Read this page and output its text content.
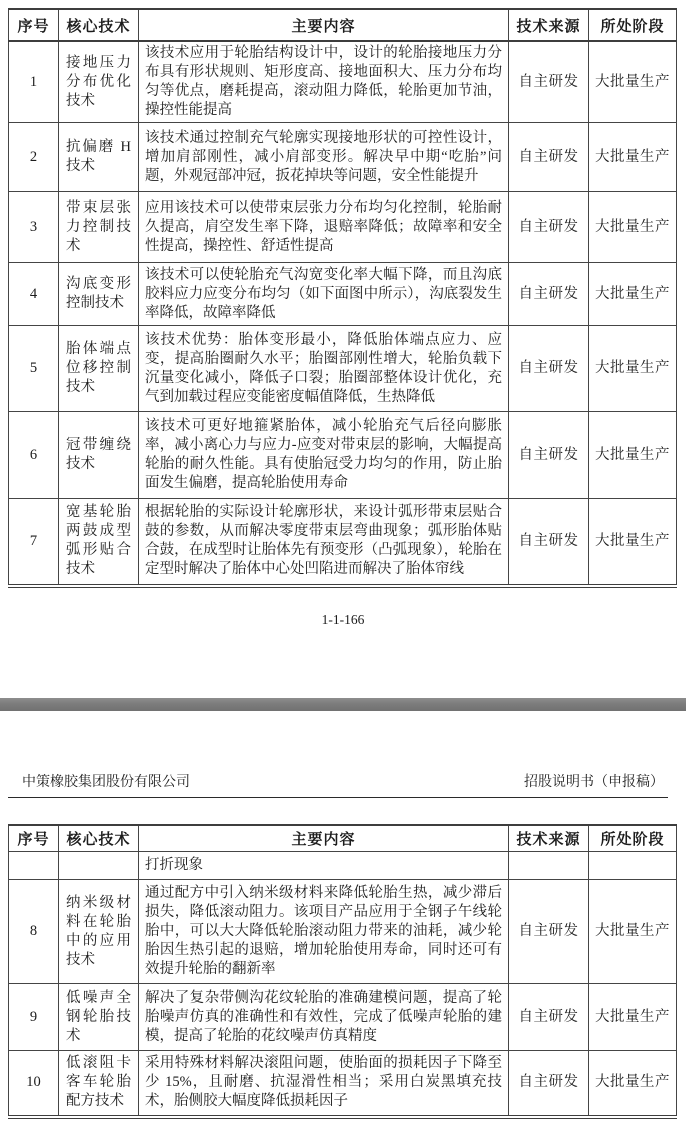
序号	核心技术	主要内容	技术来源	所处阶段
1	接地压力分布优化技术	该技术应用于轮胎结构设计中，设计的轮胎接地压力分布具有形状规则、矩形度高、接地面积大、压力分布均匀等优点，磨耗提高，滚动阻力降低，轮胎更加节油，操控性能提高	自主研发	大批量生产
2	抗偏磨 H 技术	该技术通过控制充气轮廓实现接地形状的可控性设计，增加肩部刚性，减小肩部变形。解决早中期“吃胎”问题，外观冠部冲冠，扳花掉块等问题，安全性能提升	自主研发	大批量生产
3	带束层张力控制技术	应用该技术可以使带束层张力分布均匀化控制，轮胎耐久提高，肩空发生率下降，退赔率降低；故障率和安全性提高，操控性、舒适性提高	自主研发	大批量生产
4	沟底变形控制技术	该技术可以使轮胎充气沟宽变化率大幅下降，而且沟底胶料应力应变分布均匀（如下面图中所示），沟底裂发生率降低，故障率降低	自主研发	大批量生产
5	胎体端点位移控制技术	该技术优势：胎体变形最小，降低胎体端点应力、应变，提高胎圈耐久水平；胎圈部刚性增大，轮胎负载下沉量变化减小，降低子口裂；胎圈部整体设计优化，充气到加载过程应变能密度幅值降低，生热降低	自主研发	大批量生产
6	冠带缠绕技术	该技术可更好地箍紧胎体，减小轮胎充气后径向膨胀率，减小离心力与应力-应变对带束层的影响，大幅提高轮胎的耐久性能。具有使胎冠受力均匀的作用，防止胎面发生偏磨，提高轮胎使用寿命	自主研发	大批量生产
7	宽基轮胎两鼓成型弧形贴合技术	根据轮胎的实际设计轮廓形状，来设计弧形带束层贴合鼓的参数，从而解决零度带束层弯曲现象；弧形胎体贴合鼓，在成型时让胎体先有预变形（凸弧现象），轮胎在定型时解决了胎体中心处凹陷进而解决了胎体帘线	自主研发	大批量生产
1-1-166
中策橡胶集团股份有限公司	招股说明书（申报稿）
序号	核心技术	主要内容	技术来源	所处阶段
		打折现象		
8	纳米级材料在轮胎中的应用技术	通过配方中引入纳米级材料来降低轮胎生热，减少滞后损失，降低滚动阻力。该项目产品应用于全钢子午线轮胎中，可以大大降低轮胎滚动阻力带来的油耗，减少轮胎因生热引起的退赔，增加轮胎使用寿命，同时还可有效提升轮胎的翻新率	自主研发	大批量生产
9	低噪声全钢轮胎技术	解决了复杂带侧沟花纹轮胎的准确建模问题，提高了轮胎噪声仿真的准确性和有效性，完成了低噪声轮胎的建模，提高了轮胎的花纹噪声仿真精度	自主研发	大批量生产
10	低滚阻卡客车轮胎配方技术	采用特殊材料解决滚阻问题，使胎面的损耗因子下降至少 15%，且耐磨、抗湿滑性相当；采用白炭黑填充技术，胎侧胶大幅度降低损耗因子	自主研发	大批量生产
